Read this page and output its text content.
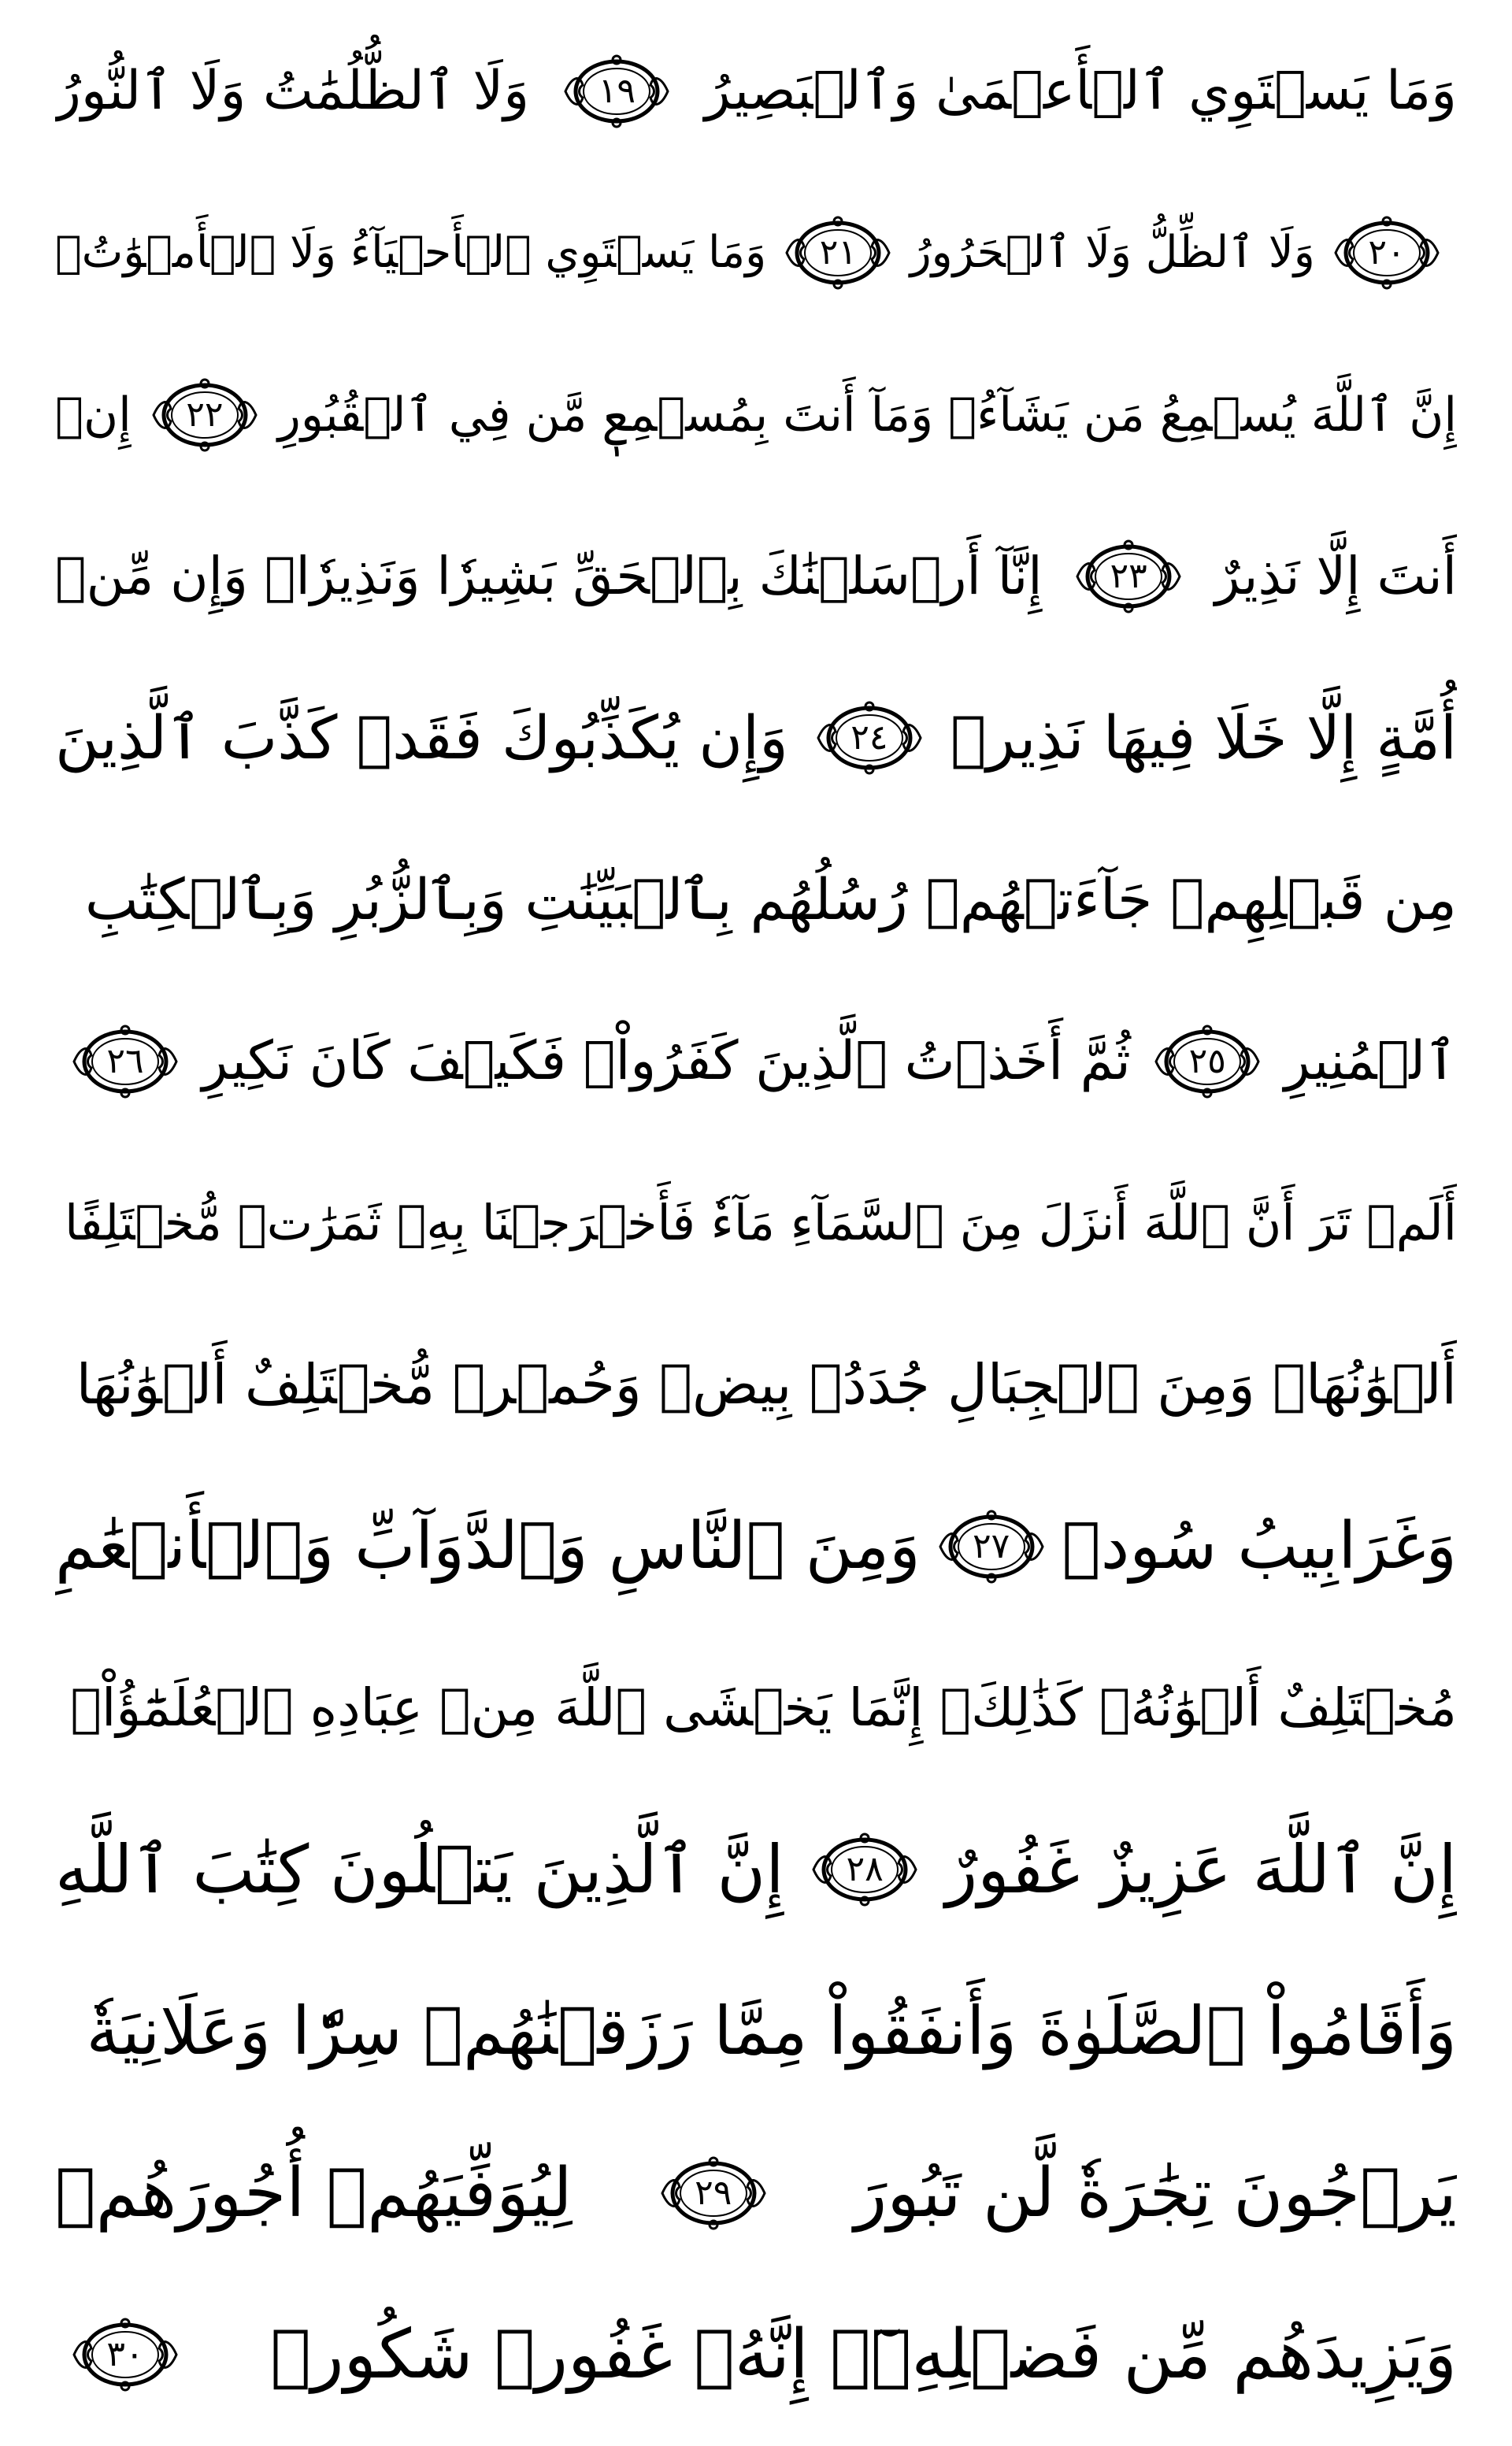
وَمَا يَسۡتَوِي ٱلۡأَعۡمَىٰ وَٱلۡبَصِيرُ
١٩
وَلَا ٱلظُّلُمَٰتُ وَلَا ٱلنُّورُ
٢٠
وَلَا ٱلظِّلُّ وَلَا ٱلۡحَرُورُ
٢١
وَمَا يَسۡتَوِي ٱلۡأَحۡيَآءُ وَلَا ٱلۡأَمۡوَٰتُۚ
إِنَّ ٱللَّهَ يُسۡمِعُ مَن يَشَآءُۖ وَمَآ أَنتَ بِمُسۡمِعٖ مَّن فِي ٱلۡقُبُورِ
٢٢
إِنۡ
أَنتَ إِلَّا نَذِيرٌ
٢٣
إِنَّآ أَرۡسَلۡنَٰكَ بِٱلۡحَقِّ بَشِيرٗا وَنَذِيرٗاۚ وَإِن مِّنۡ
أُمَّةٍ إِلَّا خَلَا فِيهَا نَذِيرٞ
٢٤
وَإِن يُكَذِّبُوكَ فَقَدۡ كَذَّبَ ٱلَّذِينَ
مِن قَبۡلِهِمۡ جَآءَتۡهُمۡ رُسُلُهُم بِٱلۡبَيِّنَٰتِ وَبِٱلزُّبُرِ وَبِٱلۡكِتَٰبِ
ٱلۡمُنِيرِ
٢٥
ثُمَّ أَخَذۡتُ ٱلَّذِينَ كَفَرُواْۖ فَكَيۡفَ كَانَ نَكِيرِ
٢٦
أَلَمۡ تَرَ أَنَّ ٱللَّهَ أَنزَلَ مِنَ ٱلسَّمَآءِ مَآءٗ فَأَخۡرَجۡنَا بِهِۦ ثَمَرَٰتٖ مُّخۡتَلِفًا
أَلۡوَٰنُهَاۚ وَمِنَ ٱلۡجِبَالِ جُدَدُۢ بِيضٞ وَحُمۡرٞ مُّخۡتَلِفٌ أَلۡوَٰنُهَا
وَغَرَابِيبُ سُودٞ
٢٧
وَمِنَ ٱلنَّاسِ وَٱلدَّوَآبِّ وَٱلۡأَنۡعَٰمِ
مُخۡتَلِفٌ أَلۡوَٰنُهُۥ كَذَٰلِكَۗ إِنَّمَا يَخۡشَى ٱللَّهَ مِنۡ عِبَادِهِ ٱلۡعُلَمَٰٓؤُاْۗ
إِنَّ ٱللَّهَ عَزِيزٌ غَفُورٌ
٢٨
إِنَّ ٱلَّذِينَ يَتۡلُونَ كِتَٰبَ ٱللَّهِ
وَأَقَامُواْ ٱلصَّلَوٰةَ وَأَنفَقُواْ مِمَّا رَزَقۡنَٰهُمۡ سِرّٗا وَعَلَانِيَةٗ
يَرۡجُونَ تِجَٰرَةٗ لَّن تَبُورَ
٢٩
لِيُوَفِّيَهُمۡ أُجُورَهُمۡ
وَيَزِيدَهُم مِّن فَضۡلِهِۦٓۚ إِنَّهُۥ غَفُورٞ شَكُورٞ
٣٠
